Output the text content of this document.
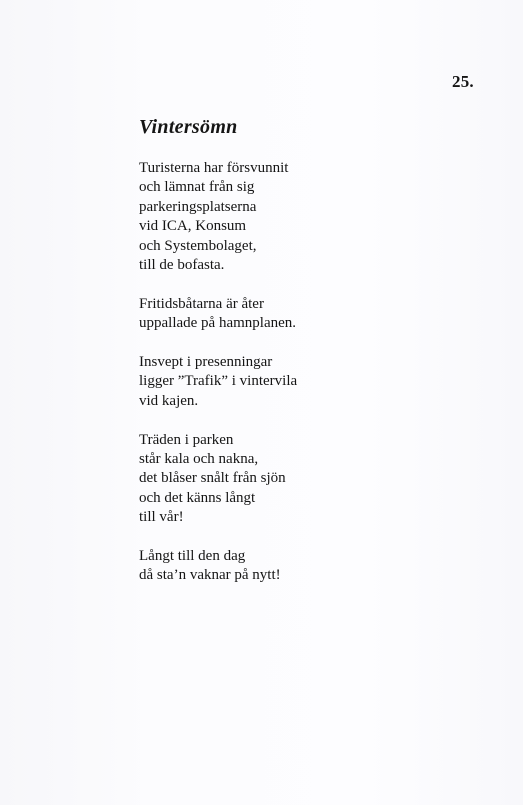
25.
Vintersömn
Turisterna har försvunnit
och lämnat från sig
parkeringsplatserna
vid ICA, Konsum
och Systembolaget,
till de bofasta.
Fritidsbåtarna är åter
uppallade på hamnplanen.
Insvept i presenningar
ligger ”Trafik” i vintervila
vid kajen.
Träden i parken
står kala och nakna,
det blåser snålt från sjön
och det känns långt
till vår!
Långt till den dag
då sta’n vaknar på nytt!
